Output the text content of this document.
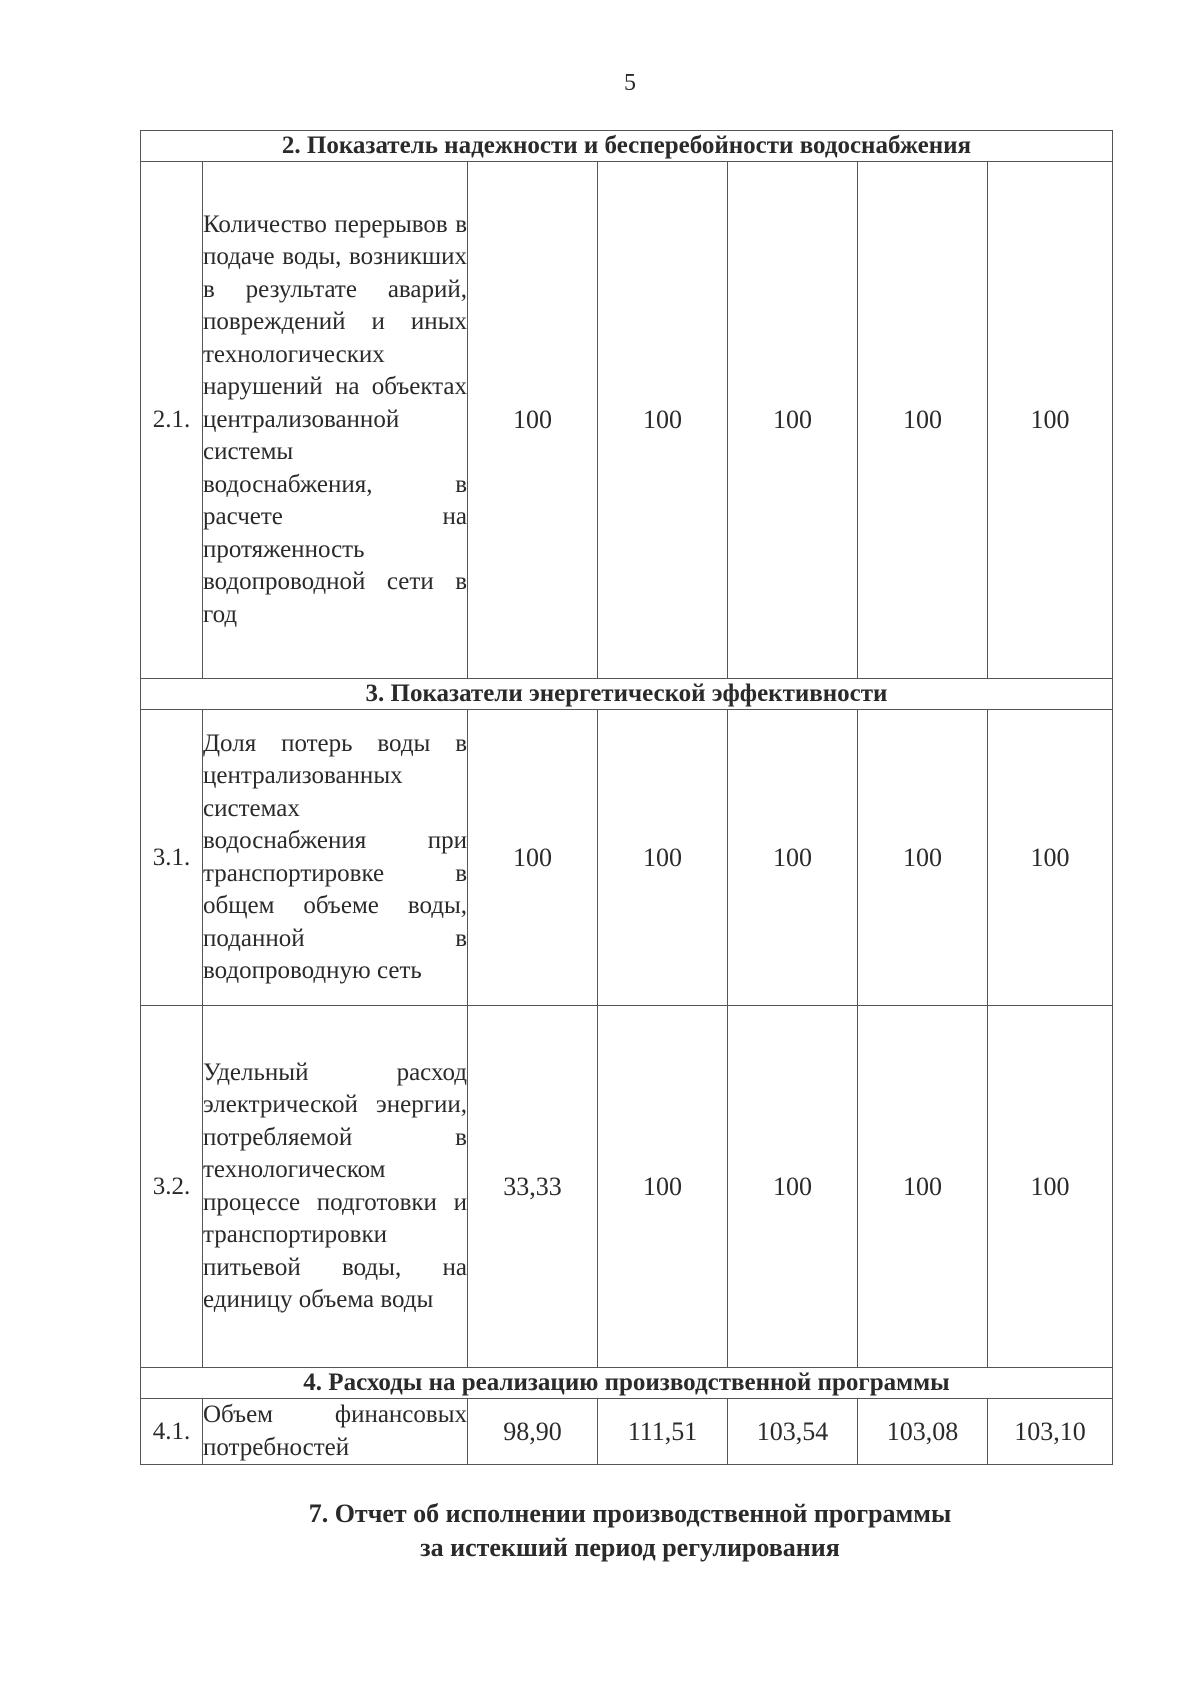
5
2. Показатель надежности и бесперебойности водоснабжения						
2.1.	Количество перерывов в подаче воды, возникших в результате аварий, повреждений и иных технологических нарушений на объектах централизованной системы водоснабжения, в расчете на протяженность водопроводной сети в год	100	100	100	100	100
3. Показатели энергетической эффективности						
3.1.	Доля потерь воды в централизованных системах водоснабжения при транспортировке в общем объеме воды, поданной в водопроводную сеть	100	100	100	100	100
3.2.	Удельный расход электрической энергии, потребляемой в технологическом процессе подготовки и транспортировки питьевой воды, на единицу объема воды	33,33	100	100	100	100
4. Расходы на реализацию производственной программы						
4.1.	Объем финансовых потребностей	98,90	111,51	103,54	103,08	103,10
7. Отчет об исполнении производственной программы
за истекший период регулирования
